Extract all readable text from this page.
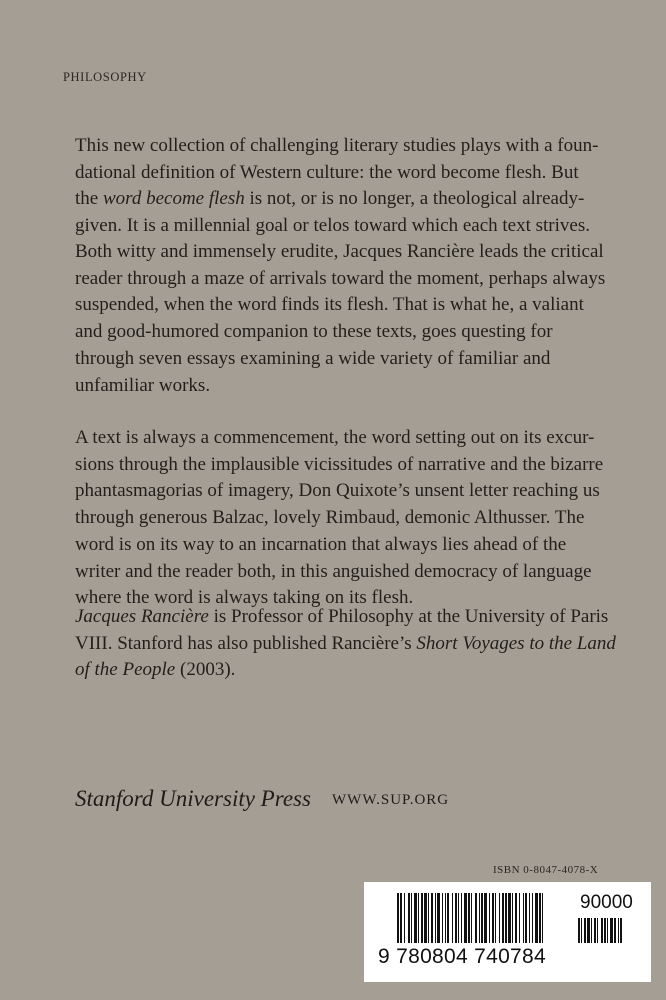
PHILOSOPHY

This new collection of challenging literary studies plays with a foun-
dational definition of Western culture: the word become flesh. But
the word become flesh is not, or is no longer, a theological already-
given. It is a millennial goal or telos toward which each text strives.

Both witty and immensely erudite, Jacques Rancière leads the critical
reader through a maze of arrivals toward the moment, perhaps always
suspended, when the word finds its flesh. That is what he, a valiant
and good-humored companion to these texts, goes questing for
through seven essays examining a wide variety of familiar and
unfamiliar works.

A text is always a commencement, the word setting out on its excur-
sions through the implausible vicissitudes of narrative and the bizarre
phantasmagorias of imagery, Don Quixote’s unsent letter reaching us
through generous Balzac, lovely Rimbaud, demonic Althusser. The
word is on its way to an incarnation that always lies ahead of the
writer and the reader both, in this anguished democracy of language
where the word is always taking on its flesh.

Jacques Rancière is Professor of Philosophy at the University of Paris
VIII. Stanford has also published Rancière’s Short Voyages to the Land
of the People (2003).

Stanford University Press WWW.SUP.ORG
ISBN 0-8047-4078-X
90000
9 780804 740784
